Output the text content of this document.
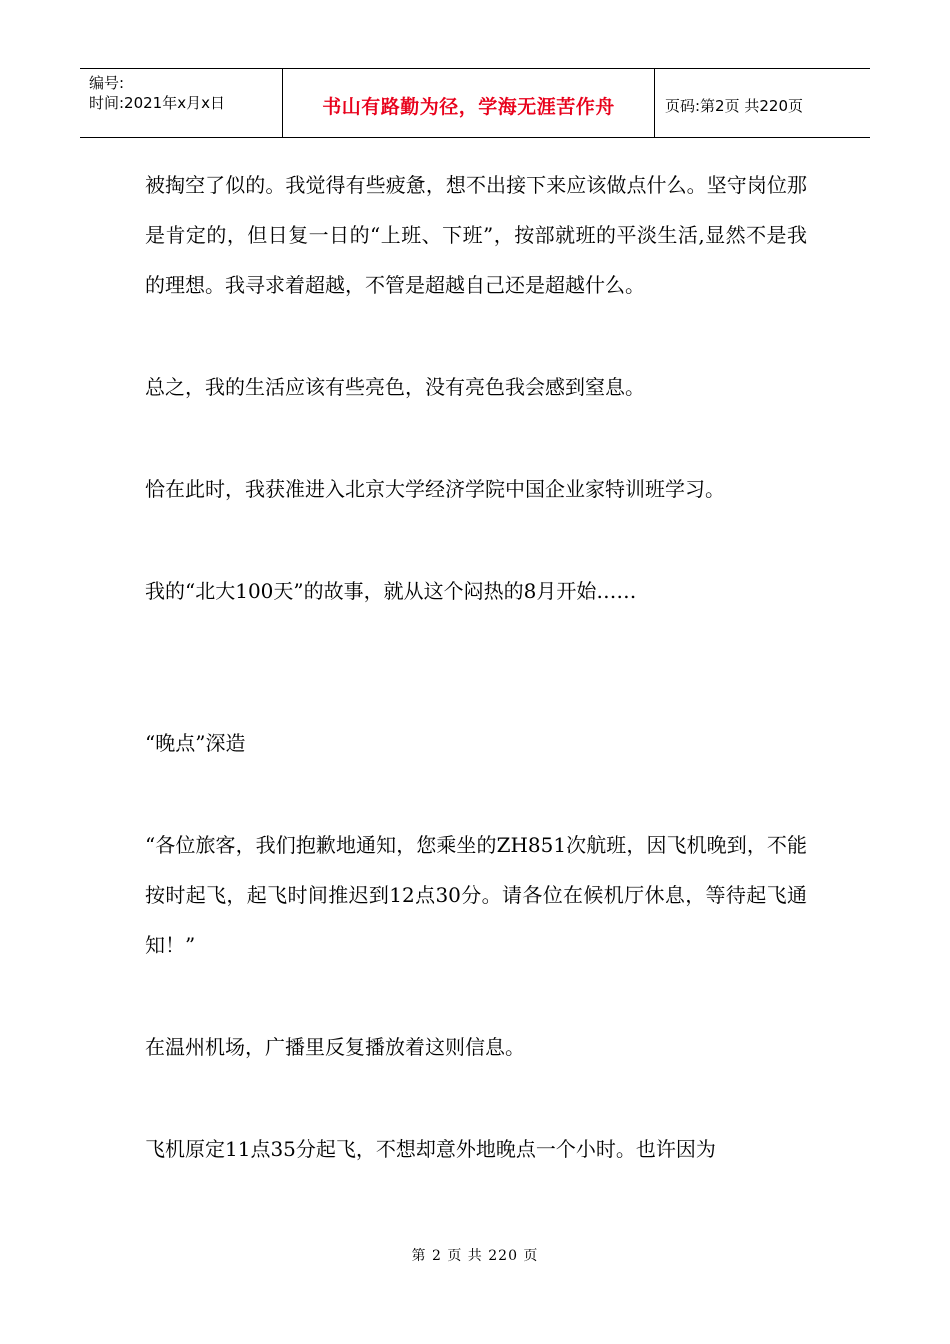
编号:
时间:2021年x月x日	书山有路勤为径，学海无涯苦作舟	页码:第2页 共220页

被掏空了似的。我觉得有些疲惫，想不出接下来应该做点什么。坚守岗位那是肯定的，但日复一日的“上班、下班”，按部就班的平淡生活,显然不是我的理想。我寻求着超越，不管是超越自己还是超越什么。

总之，我的生活应该有些亮色，没有亮色我会感到窒息。

恰在此时，我获准进入北京大学经济学院中国企业家特训班学习。

我的“北大100天”的故事，就从这个闷热的8月开始……

“晚点”深造

“各位旅客，我们抱歉地通知，您乘坐的ZH851次航班，因飞机晚到，不能按时起飞，起飞时间推迟到12点30分。请各位在候机厅休息，等待起飞通知！”

在温州机场，广播里反复播放着这则信息。

飞机原定11点35分起飞，不想却意外地晚点一个小时。也许因为

第 2 页 共 220 页
